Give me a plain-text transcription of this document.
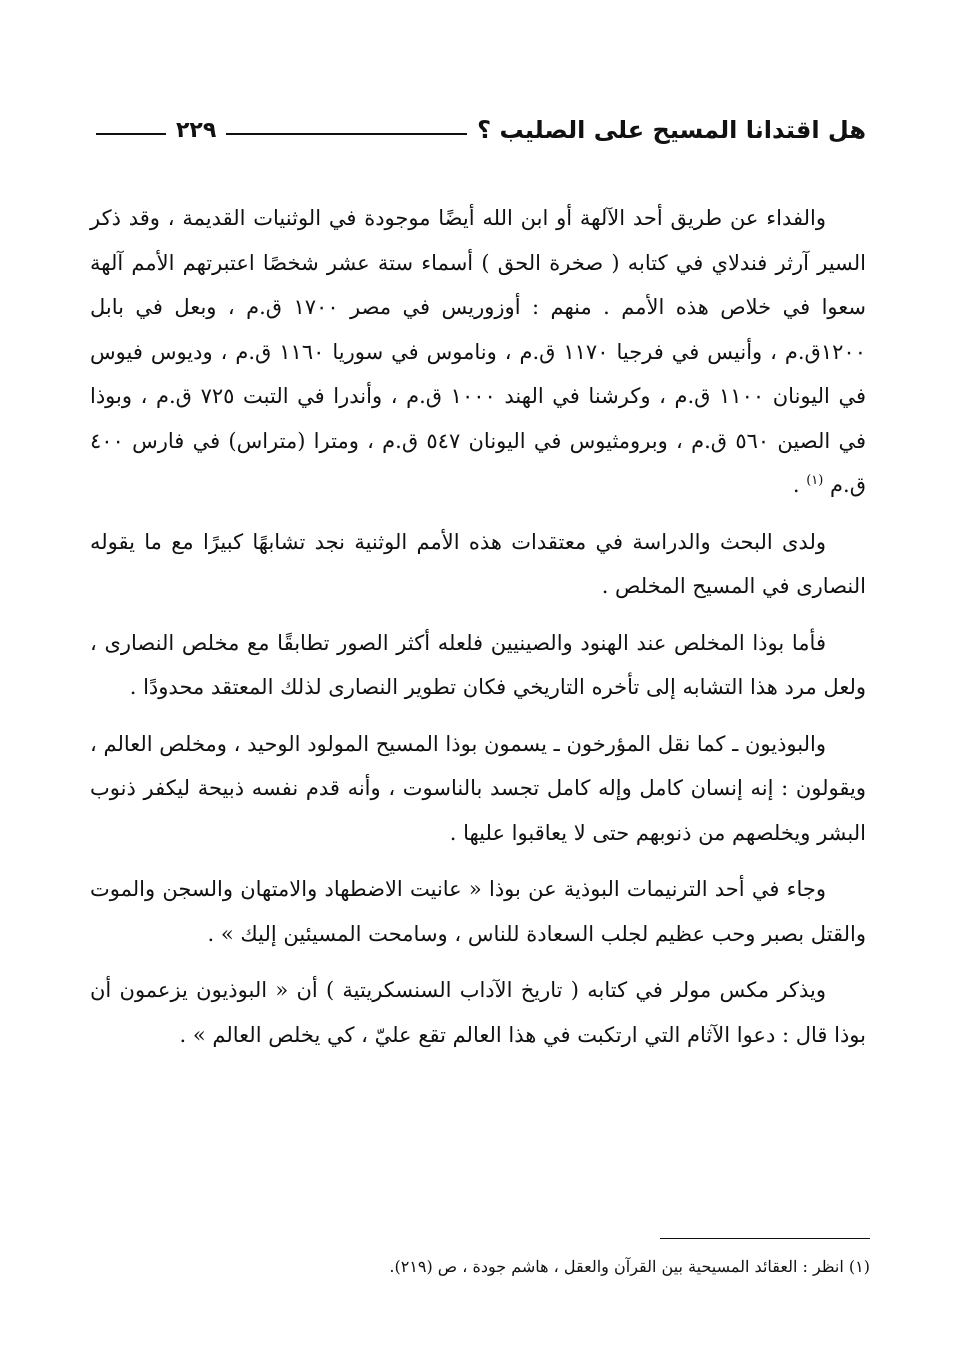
هل اقتدانا المسيح على الصليب ؟
٢٢٩

والفداء عن طريق أحد الآلهة أو ابن الله أيضًا موجودة في الوثنيات القديمة ، وقد ذكر السير آرثر فندلاي في كتابه ( صخرة الحق ) أسماء ستة عشر شخصًا اعتبرتهم الأمم آلهة سعوا في خلاص هذه الأمم . منهم : أوزوريس في مصر ١٧٠٠ ق.م ، وبعل في بابل ١٢٠٠ق.م ، وأنيس في فرجيا ١١٧٠ ق.م ، وناموس في سوريا ١١٦٠ ق.م ، وديوس فيوس في اليونان ١١٠٠ ق.م ، وكرشنا في الهند ١٠٠٠ ق.م ، وأندرا في التبت ٧٢٥ ق.م ، وبوذا في الصين ٥٦٠ ق.م ، وبرومثيوس في اليونان ٥٤٧ ق.م ، ومترا (متراس) في فارس ٤٠٠ ق.م $^{(١)}$ .

ولدى البحث والدراسة في معتقدات هذه الأمم الوثنية نجد تشابهًا كبيرًا مع ما يقوله النصارى في المسيح المخلص .

فأما بوذا المخلص عند الهنود والصينيين فلعله أكثر الصور تطابقًا مع مخلص النصارى ، ولعل مرد هذا التشابه إلى تأخره التاريخي فكان تطوير النصارى لذلك المعتقد محدودًا .

والبوذيون ـ كما نقل المؤرخون ـ يسمون بوذا المسيح المولود الوحيد ، ومخلص العالم ، ويقولون : إنه إنسان كامل وإله كامل تجسد بالناسوت ، وأنه قدم نفسه ذبيحة ليكفر ذنوب البشر ويخلصهم من ذنوبهم حتى لا يعاقبوا عليها .

وجاء في أحد الترنيمات البوذية عن بوذا « عانيت الاضطهاد والامتهان والسجن والموت والقتل بصبر وحب عظيم لجلب السعادة للناس ، وسامحت المسيئين إليك » .

ويذكر مكس مولر في كتابه ( تاريخ الآداب السنسكريتية ) أن « البوذيون يزعمون أن بوذا قال : دعوا الآثام التي ارتكبت في هذا العالم تقع عليّ ، كي يخلص العالم » .

(١) انظر : العقائد المسيحية بين القرآن والعقل ، هاشم جودة ، ص (٢١٩).
